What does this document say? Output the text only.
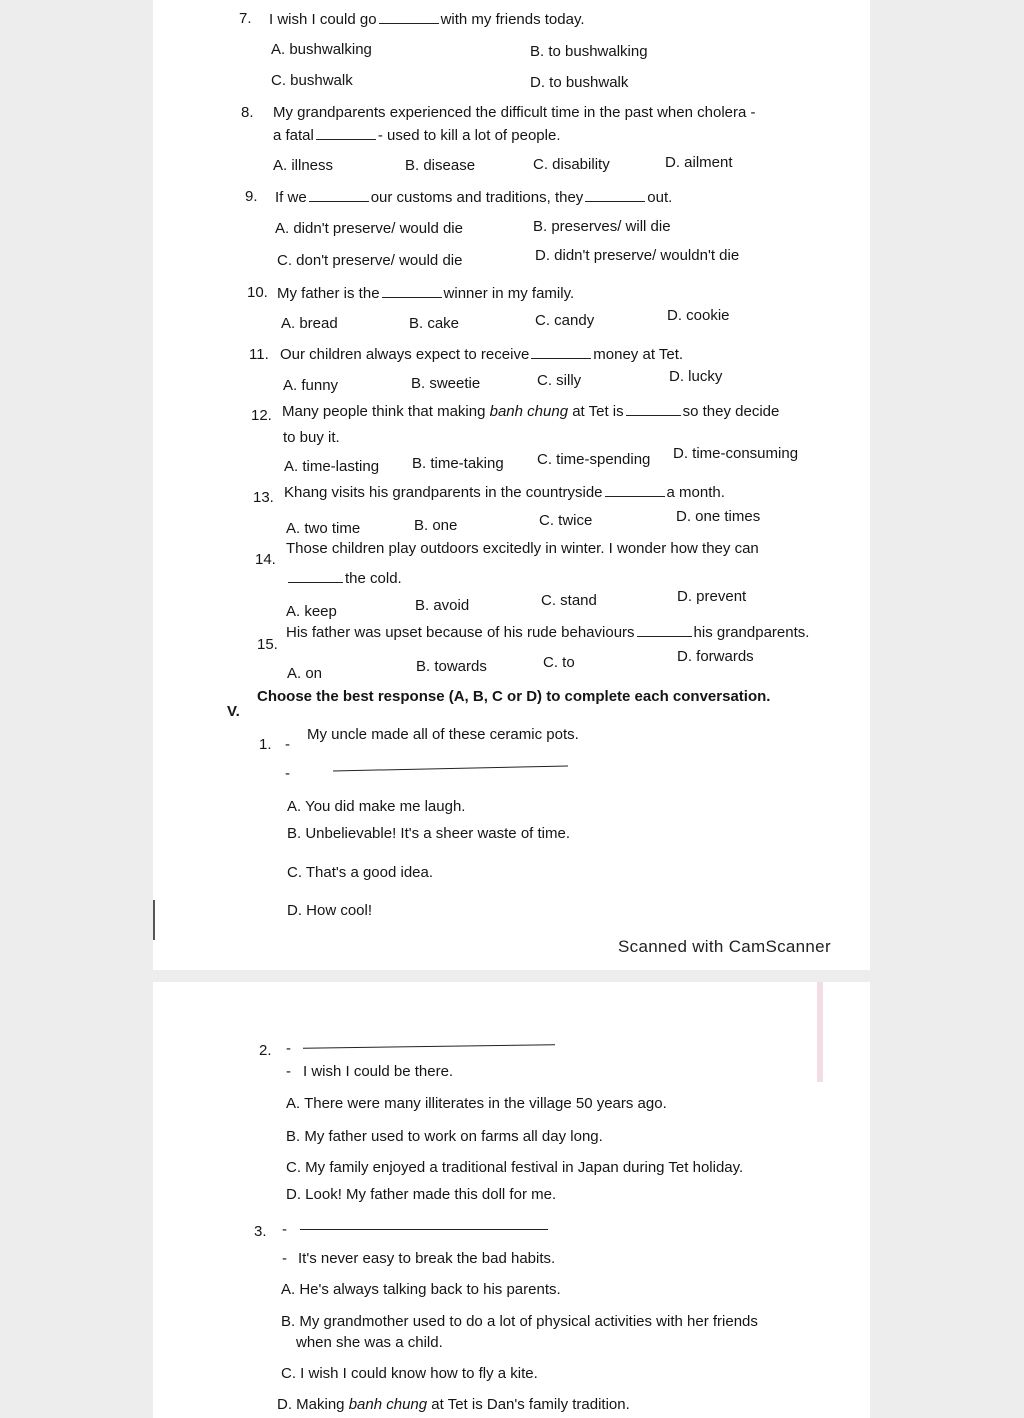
7. I wish I could go	with my friends today.
A. bushwalking	B. to bushwalking
C. bushwalk	D. to bushwalk
8. My grandparents experienced the difficult time in the past when cholera -
a fatal	- used to kill a lot of people.
A. illness	B. disease	C. disability	D. ailment
9. If we	our customs and traditions, they	out.
A. didn't preserve/ would die	B. preserves/ will die
C. don't preserve/ would die	D. didn't preserve/ wouldn't die
10. My father is the	winner in my family.
A. bread	B. cake	C. candy	D. cookie
11. Our children always expect to receive	money at Tet.
A. funny	B. sweetie	C. silly	D. lucky
12. Many people think that making banh chung at Tet is	so they decide
to buy it.
A. time-lasting B. time-taking C. time-spending D. time-consuming
13. Khang visits his grandparents in the countryside	a month.
A. two time	B. one	C. twice	D. one times
14.
Those children play outdoors excitedly in winter. I wonder how they can
the cold.
A. keep	B. avoid	C. stand	D. prevent
15.
His father was upset because of his rude behaviours	his grandparents.
A. on	B. towards	C. to	D. forwards
V.
Choose the best response (A, B, C or D) to complete each conversation.
1. -
My uncle made all of these ceramic pots.
-
A. You did make me laugh.
B. Unbelievable! It's a sheer waste of time.
C. That's a good idea.
D. How cool!
Scanned with CamScanner
2. -
- I wish I could be there.
A. There were many illiterates in the village 50 years ago.
B. My father used to work on farms all day long.
C. My family enjoyed a traditional festival in Japan during Tet holiday.
D. Look! My father made this doll for me.
3. -
- It's never easy to break the bad habits.
A. He's always talking back to his parents.
B. My grandmother used to do a lot of physical activities with her friends
when she was a child.
C. I wish I could know how to fly a kite.
D. Making banh chung at Tet is Dan's family tradition.
